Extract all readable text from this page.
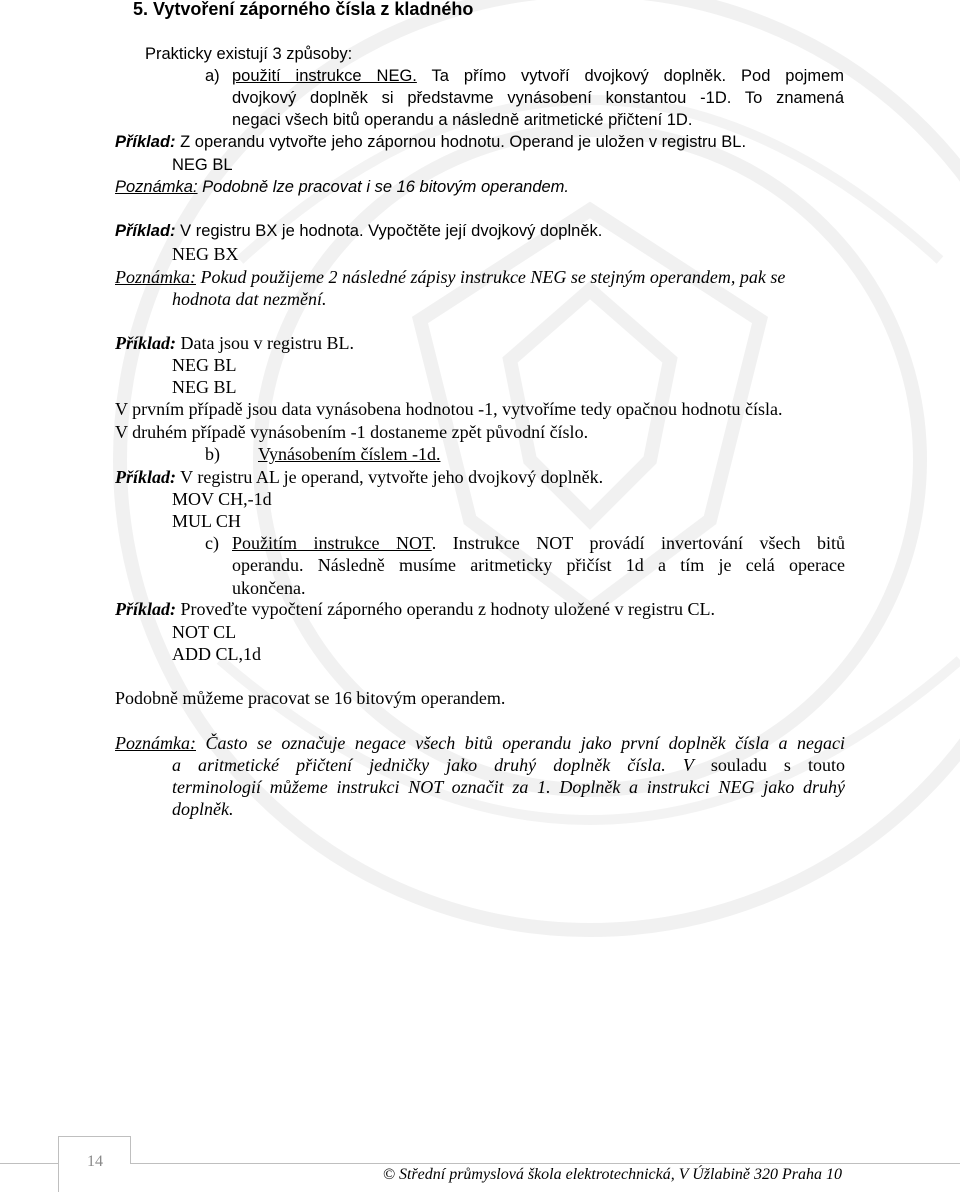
5. Vytvoření záporného čísla z kladného
Prakticky existují 3 způsoby:
a) použití instrukce NEG. Ta přímo vytvoří dvojkový doplněk. Pod pojmem
dvojkový doplněk si představme vynásobení konstantou -1D. To znamená
negaci všech bitů operandu a následně aritmetické přičtení 1D.
Příklad: Z operandu vytvořte jeho zápornou hodnotu. Operand je uložen v registru BL.
NEG BL
Poznámka: Podobně lze pracovat i se 16 bitovým operandem.
Příklad: V registru BX je hodnota. Vypočtěte její dvojkový doplněk.
NEG BX
Poznámka: Pokud použijeme 2 následné zápisy instrukce NEG se stejným operandem, pak se
hodnota dat nezmění.
Příklad: Data jsou v registru BL.
NEG BL
NEG BL
V prvním případě jsou data vynásobena hodnotou -1, vytvoříme tedy opačnou hodnotu čísla.
V druhém případě vynásobením -1 dostaneme zpět původní číslo.
b) Vynásobením číslem -1d.
Příklad: V registru AL je operand, vytvořte jeho dvojkový doplněk.
MOV CH,-1d
MUL CH
c) Použitím instrukce NOT. Instrukce NOT provádí invertování všech bitů
operandu. Následně musíme aritmeticky přičíst 1d a tím je celá operace
ukončena.
Příklad: Proveďte vypočtení záporného operandu z hodnoty uložené v registru CL.
NOT CL
ADD CL,1d
Podobně můžeme pracovat se 16 bitovým operandem.
Poznámka: Často se označuje negace všech bitů operandu jako první doplněk čísla a negaci
a aritmetické přičtení jedničky jako druhý doplněk čísla. V souladu s touto
terminologií můžeme instrukci NOT označit za 1. Doplněk a instrukci NEG jako druhý
doplněk.
14
© Střední průmyslová škola elektrotechnická, V Úžlabině 320 Praha 10
